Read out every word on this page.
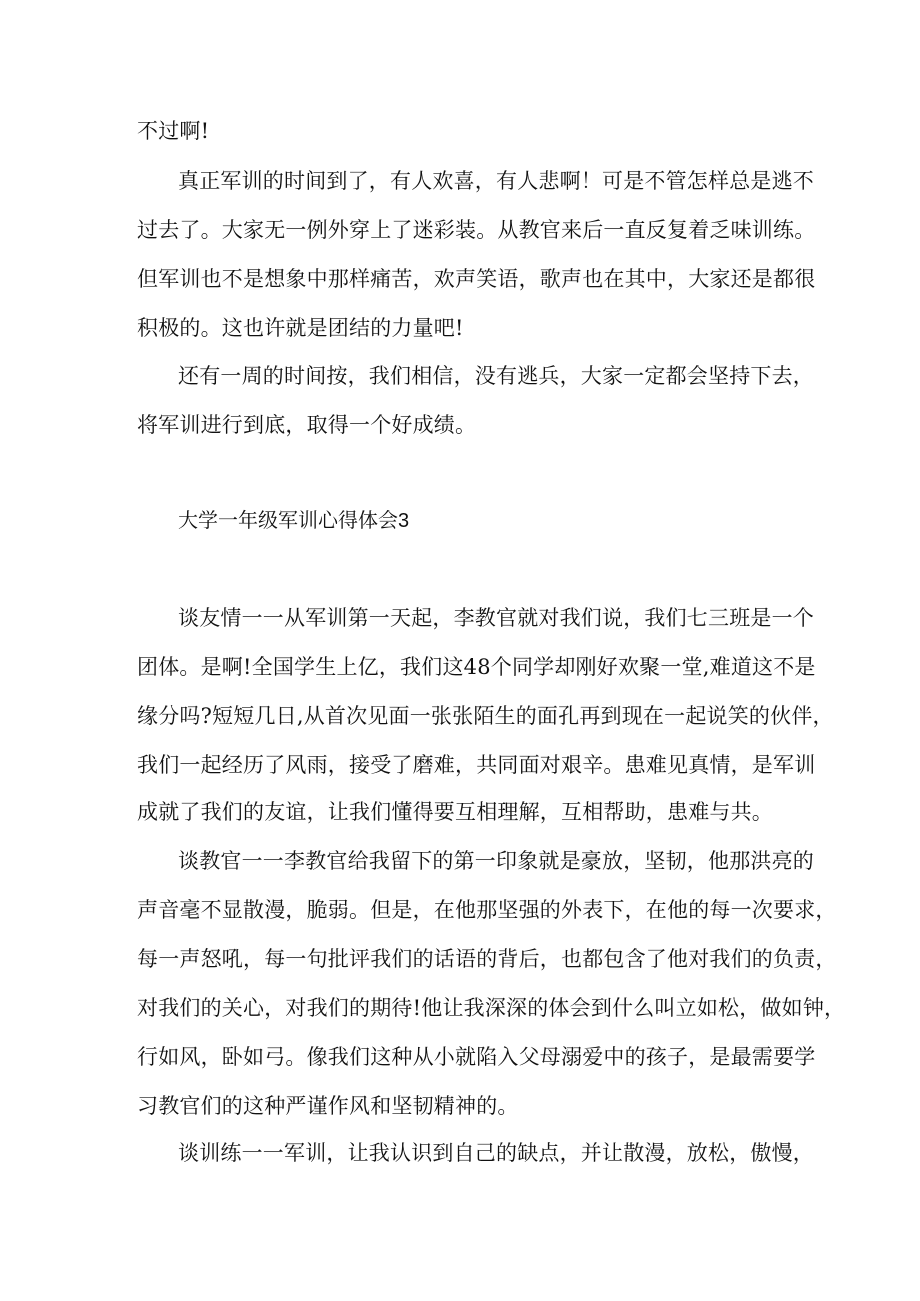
不过啊!
真正军训的时间到了，有人欢喜，有人悲啊！可是不管怎样总是逃不
过去了。大家无一例外穿上了迷彩装。从教官来后一直反复着乏味训练。
但军训也不是想象中那样痛苦，欢声笑语，歌声也在其中，大家还是都很
积极的。这也许就是团结的力量吧!
还有一周的时间按，我们相信，没有逃兵，大家一定都会坚持下去，
将军训进行到底，取得一个好成绩。
大学一年级军训心得体会3
谈友情一一从军训第一天起，李教官就对我们说，我们七三班是一个
团体。是啊!全国学生上亿，我们这48个同学却刚好欢聚一堂,难道这不是
缘分吗?短短几日,从首次见面一张张陌生的面孔再到现在一起说笑的伙伴，
我们一起经历了风雨，接受了磨难，共同面对艰辛。患难见真情，是军训
成就了我们的友谊，让我们懂得要互相理解，互相帮助，患难与共。
谈教官一一李教官给我留下的第一印象就是豪放，坚韧，他那洪亮的
声音毫不显散漫，脆弱。但是，在他那坚强的外表下，在他的每一次要求，
每一声怒吼，每一句批评我们的话语的背后，也都包含了他对我们的负责，
对我们的关心，对我们的期待!他让我深深的体会到什么叫立如松，做如钟，
行如风，卧如弓。像我们这种从小就陷入父母溺爱中的孩子，是最需要学
习教官们的这种严谨作风和坚韧精神的。
谈训练一一军训，让我认识到自己的缺点，并让散漫，放松，傲慢，
